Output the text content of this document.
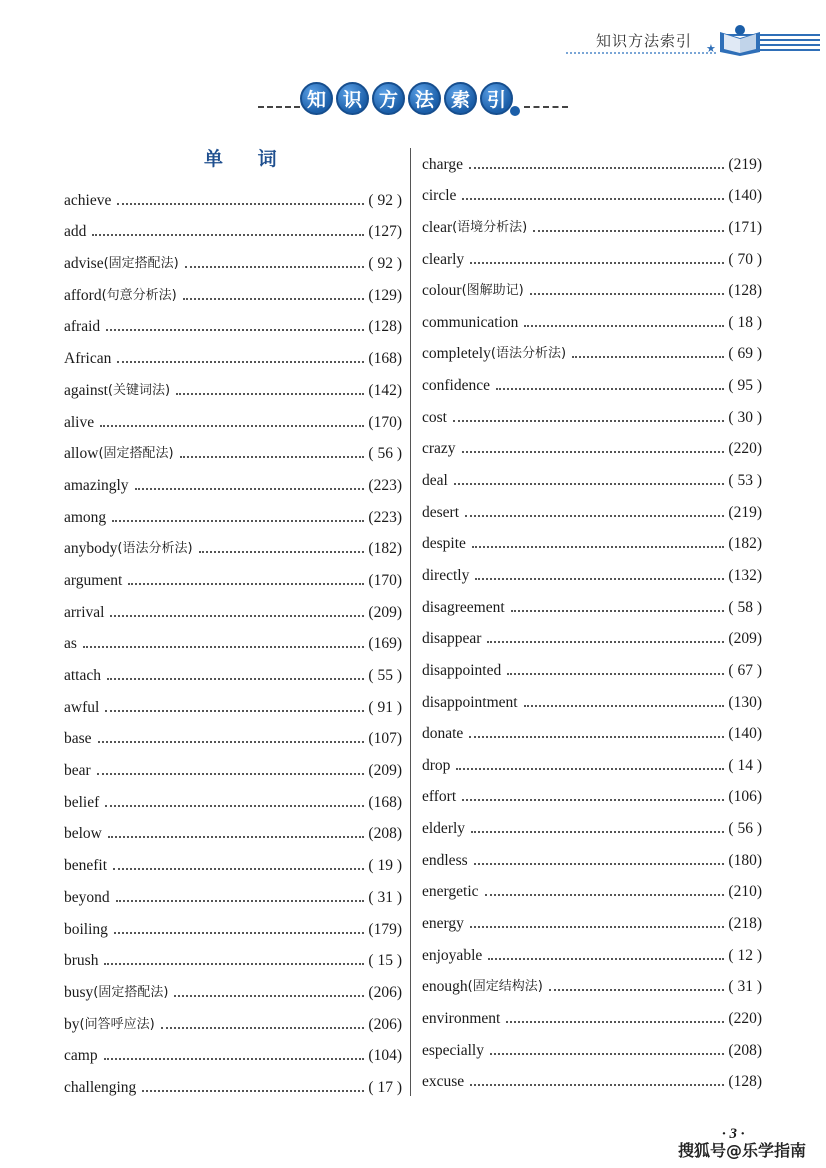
知识方法索引 ★
知 识 方 法 索 引
单 词
achieve	( 92 )
add	(127)
advise (固定搭配法)	( 92 )
afford (句意分析法)	(129)
afraid	(128)
African	(168)
against (关键词法)	(142)
alive	(170)
allow (固定搭配法)	( 56 )
amazingly	(223)
among	(223)
anybody (语法分析法)	(182)
argument	(170)
arrival	(209)
as	(169)
attach	( 55 )
awful	( 91 )
base	(107)
bear	(209)
belief	(168)
below	(208)
benefit	( 19 )
beyond	( 31 )
boiling	(179)
brush	( 15 )
busy (固定搭配法)	(206)
by (问答呼应法)	(206)
camp	(104)
challenging	( 17 )
charge	(219)
circle	(140)
clear (语境分析法)	(171)
clearly	( 70 )
colour (图解助记)	(128)
communication	( 18 )
completely (语法分析法)	( 69 )
confidence	( 95 )
cost	( 30 )
crazy	(220)
deal	( 53 )
desert	(219)
despite	(182)
directly	(132)
disagreement	( 58 )
disappear	(209)
disappointed	( 67 )
disappointment	(130)
donate	(140)
drop	( 14 )
effort	(106)
elderly	( 56 )
endless	(180)
energetic	(210)
energy	(218)
enjoyable	( 12 )
enough (固定结构法)	( 31 )
environment	(220)
especially	(208)
excuse	(128)
· 3 ·
搜狐号@乐学指南
